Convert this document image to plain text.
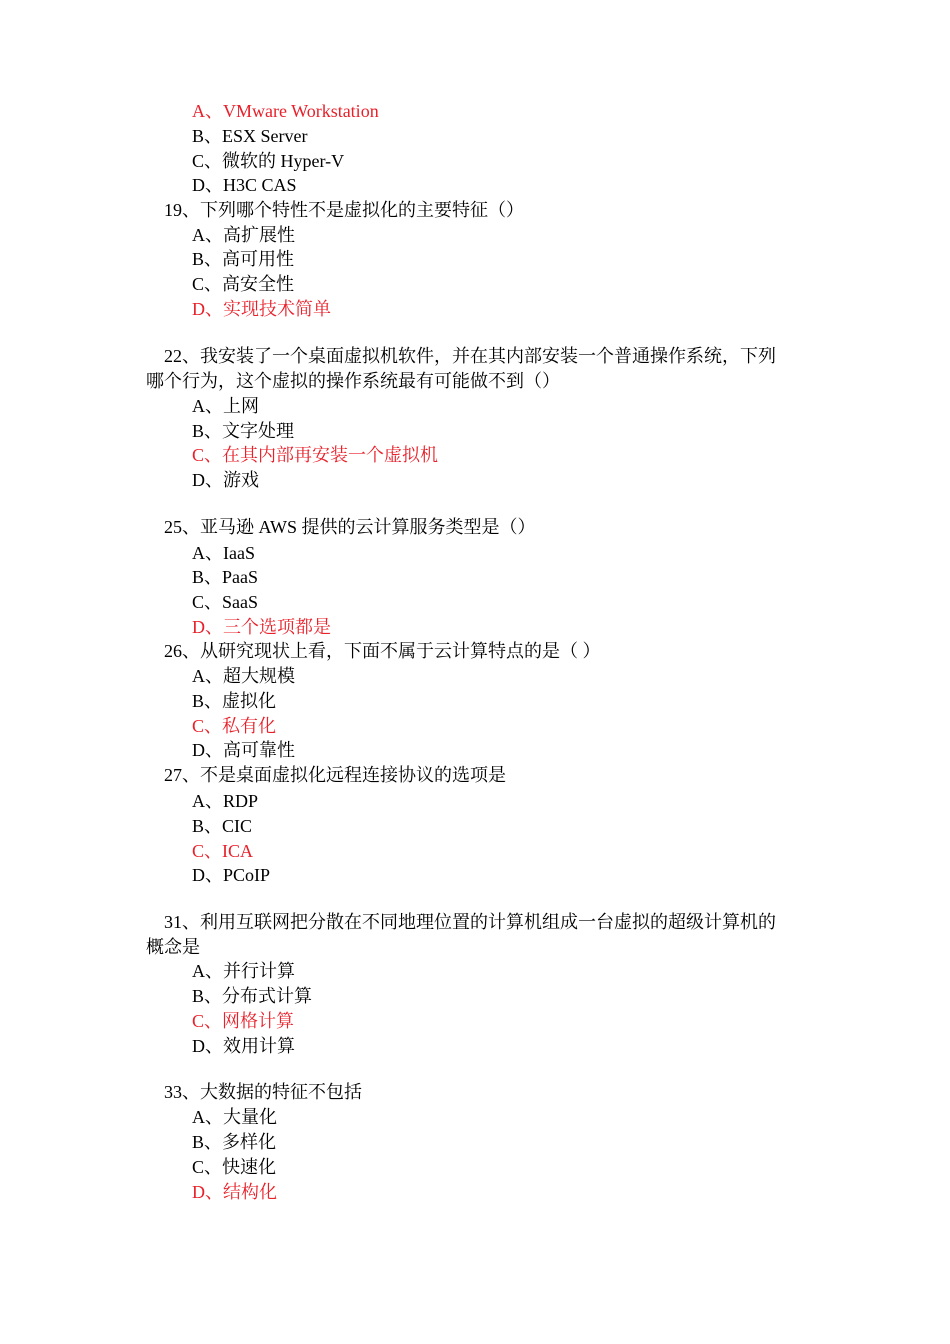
A、VMware Workstation
B、ESX Server
C、微软的 Hyper-V
D、H3C CAS
19、下列哪个特性不是虚拟化的主要特征（）
A、高扩展性
B、高可用性
C、高安全性
D、实现技术简单
22、我安装了一个桌面虚拟机软件，并在其内部安装一个普通操作系统，下列
哪个行为，这个虚拟的操作系统最有可能做不到（）
A、上网
B、文字处理
C、在其内部再安装一个虚拟机
D、游戏
25、亚马逊 AWS 提供的云计算服务类型是（）
A、IaaS
B、PaaS
C、SaaS
D、三个选项都是
26、从研究现状上看，下面不属于云计算特点的是（ ）
A、超大规模
B、虚拟化
C、私有化
D、高可靠性
27、不是桌面虚拟化远程连接协议的选项是
A、RDP
B、CIC
C、ICA
D、PCoIP
31、利用互联网把分散在不同地理位置的计算机组成一台虚拟的超级计算机的
概念是
A、并行计算
B、分布式计算
C、网格计算
D、效用计算
33、大数据的特征不包括
A、大量化
B、多样化
C、快速化
D、结构化
